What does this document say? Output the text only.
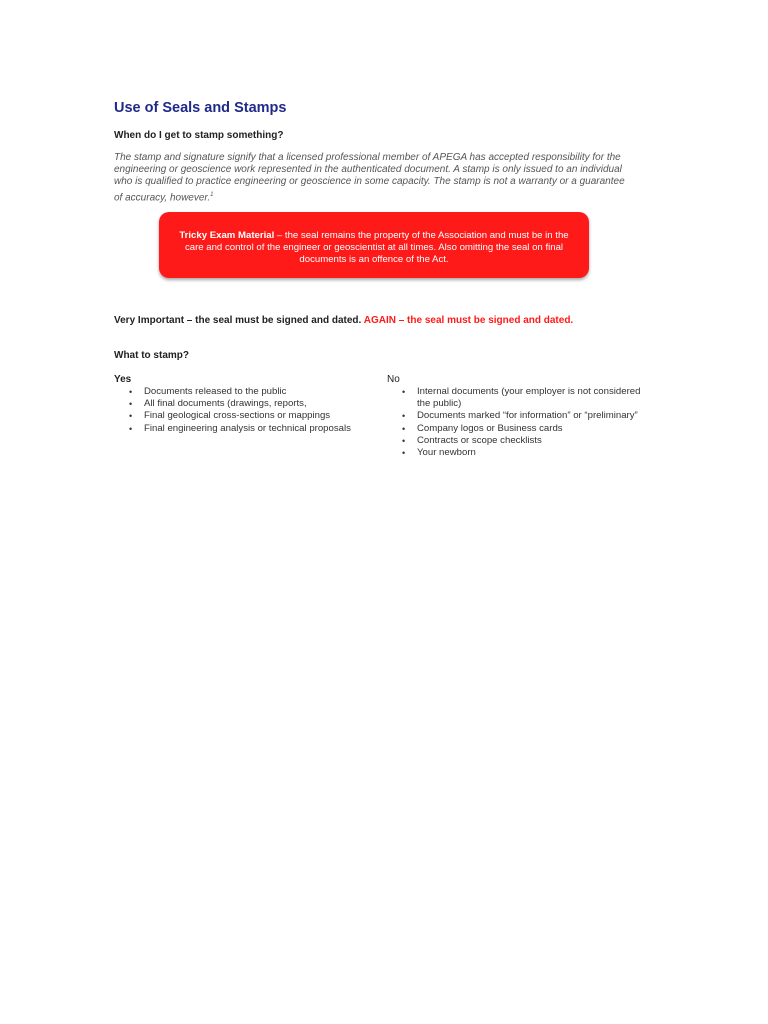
Use of Seals and Stamps
When do I get to stamp something?
The stamp and signature signify that a licensed professional member of APEGA has accepted responsibility for the engineering or geoscience work represented in the authenticated document. A stamp is only issued to an individual who is qualified to practice engineering or geoscience in some capacity. The stamp is not a warranty or a guarantee of accuracy, however.$^1$
Tricky Exam Material – the seal remains the property of the Association and must be in the care and control of the engineer or geoscientist at all times. Also omitting the seal on final documents is an offence of the Act.
Very Important – the seal must be signed and dated. AGAIN – the seal must be signed and dated.
What to stamp?
Yes
• Documents released to the public
• All final documents (drawings, reports,
• Final geological cross-sections or mappings
• Final engineering analysis or technical proposals
No
• Internal documents (your employer is not considered the public)
• Documents marked “for information” or “preliminary”
• Company logos or Business cards
• Contracts or scope checklists
• Your newborn
